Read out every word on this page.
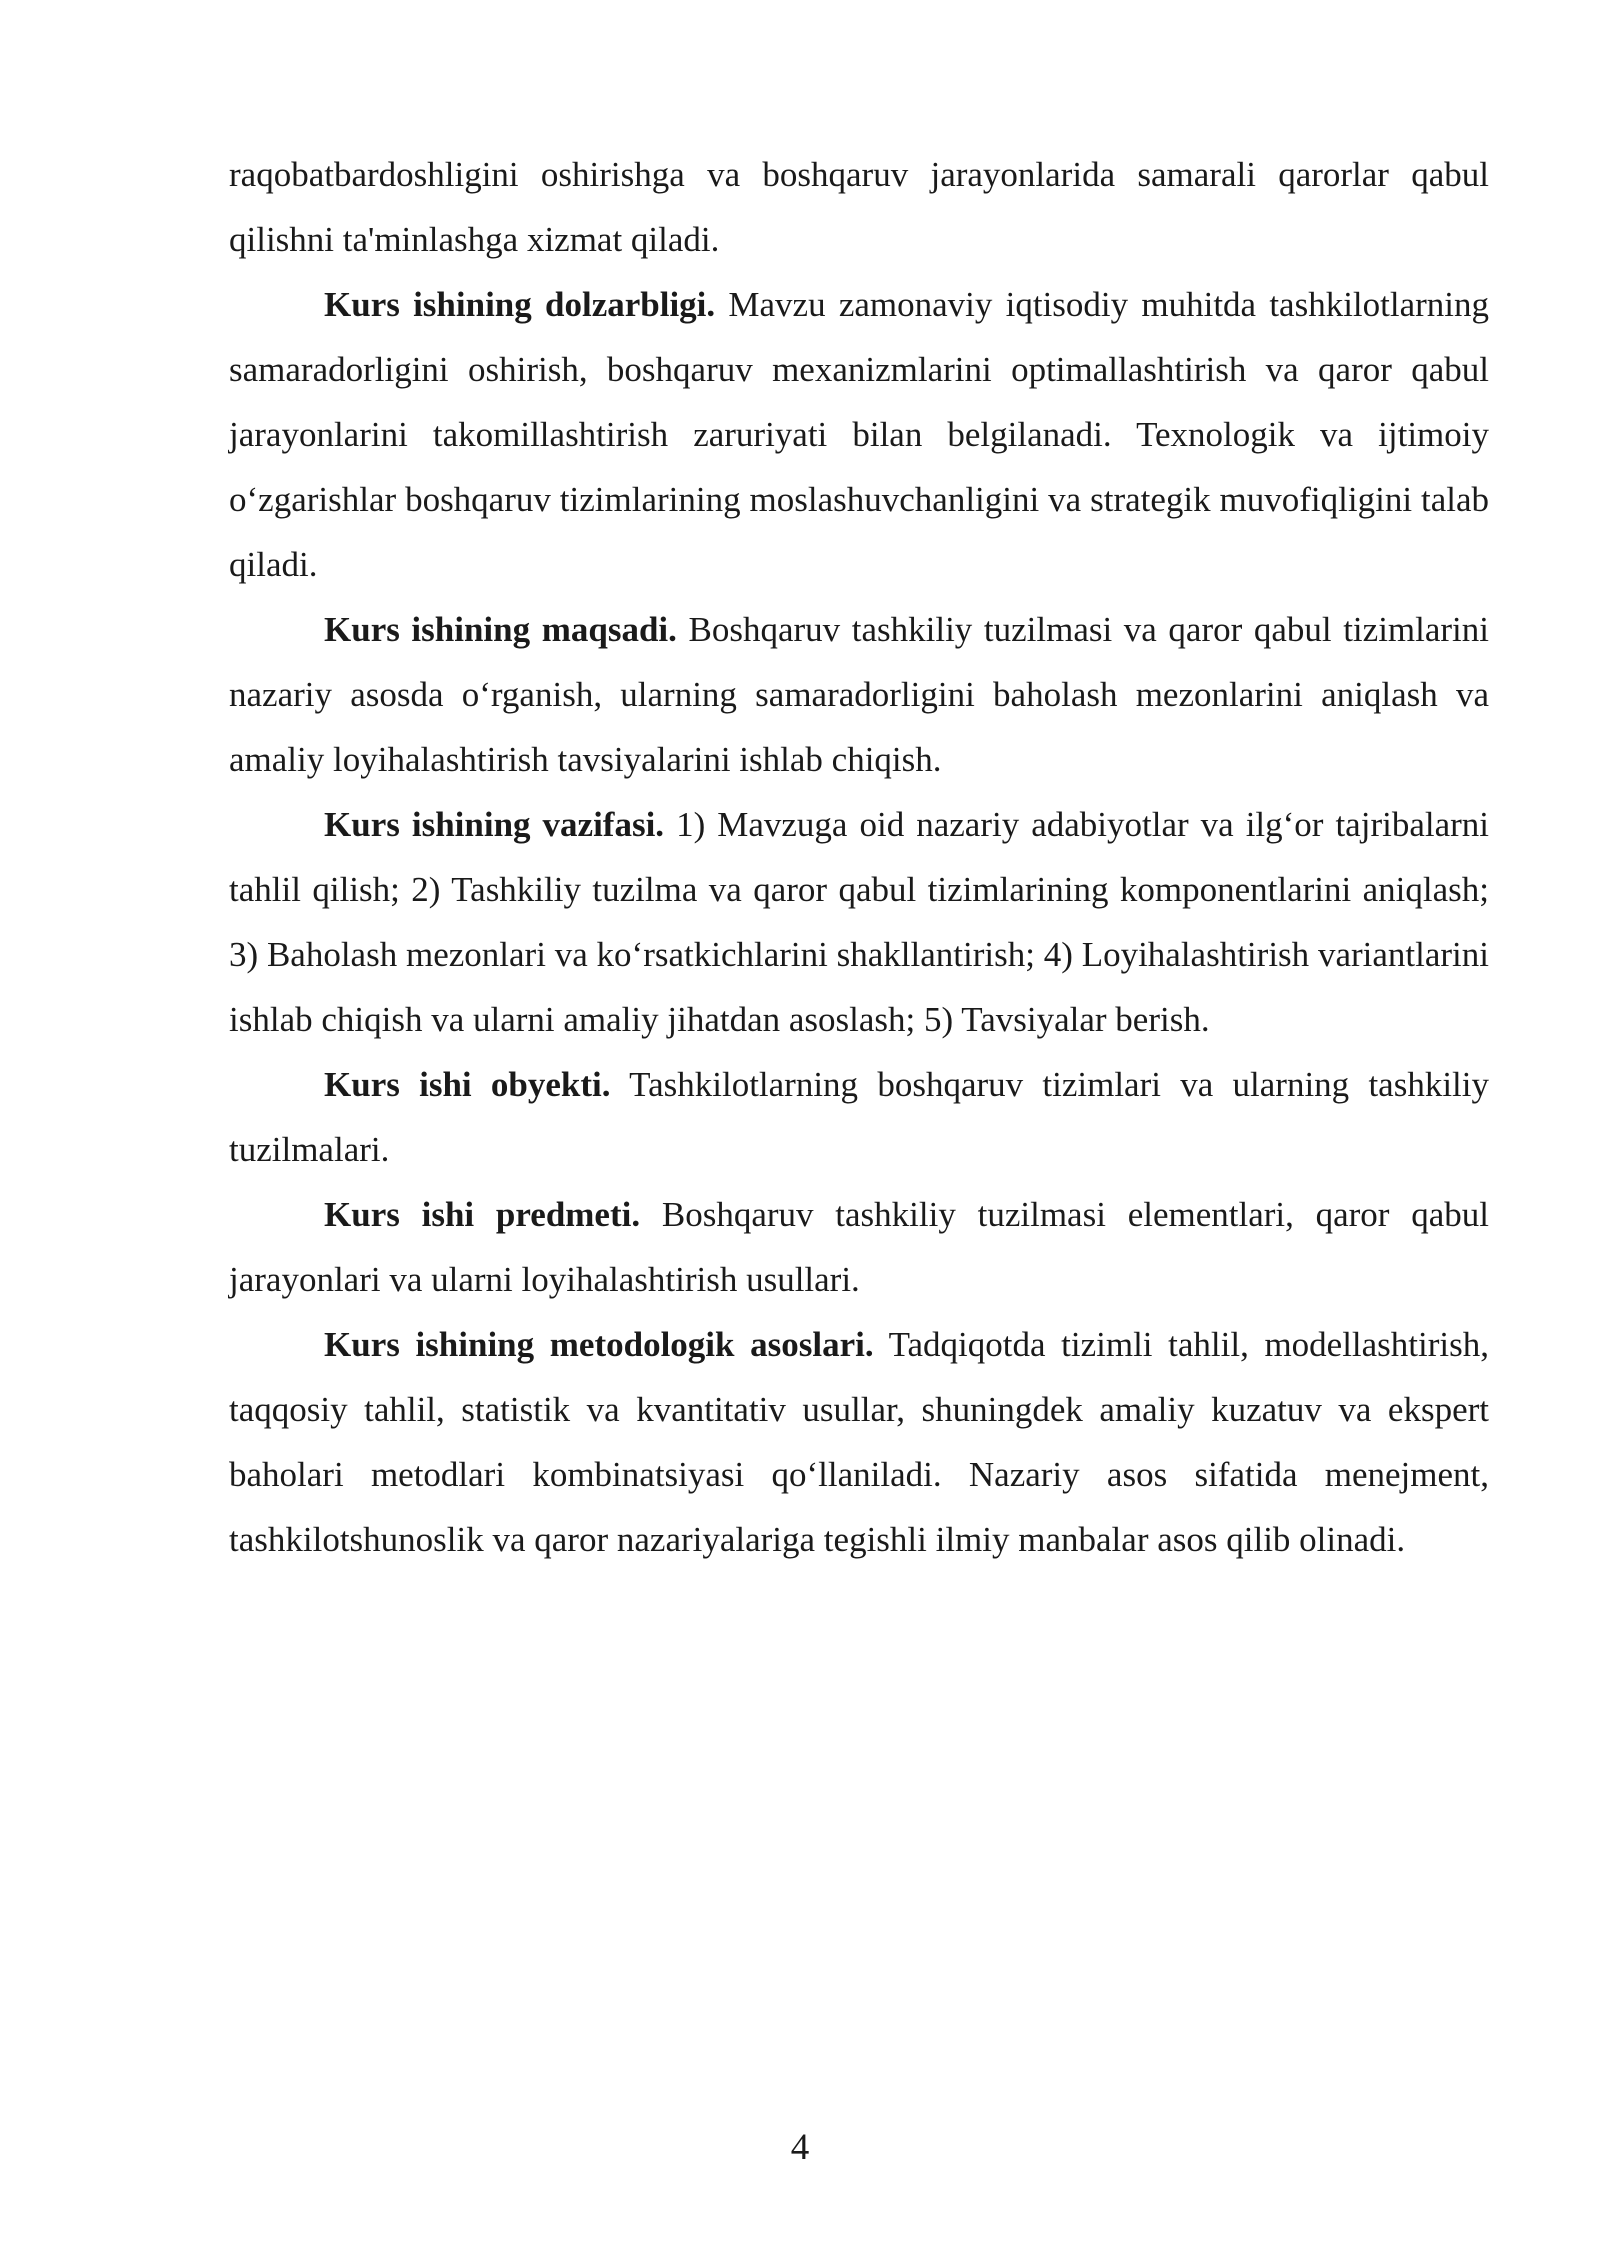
raqobatbardoshligini oshirishga va boshqaruv jarayonlarida samarali qarorlar qabul qilishni ta'minlashga xizmat qiladi.

Kurs ishining dolzarbligi. Mavzu zamonaviy iqtisodiy muhitda tashkilotlarning samaradorligini oshirish, boshqaruv mexanizmlarini optimallashtirish va qaror qabul jarayonlarini takomillashtirish zaruriyati bilan belgilanadi. Texnologik va ijtimoiy o‘zgarishlar boshqaruv tizimlarining moslashuvchanligini va strategik muvofiqligini talab qiladi.

Kurs ishining maqsadi. Boshqaruv tashkiliy tuzilmasi va qaror qabul tizimlarini nazariy asosda o‘rganish, ularning samaradorligini baholash mezonlarini aniqlash va amaliy loyihalashtirish tavsiyalarini ishlab chiqish.

Kurs ishining vazifasi. 1) Mavzuga oid nazariy adabiyotlar va ilg‘or tajribalarni tahlil qilish; 2) Tashkiliy tuzilma va qaror qabul tizimlarining komponentlarini aniqlash; 3) Baholash mezonlari va ko‘rsatkichlarini shakllantirish; 4) Loyihalashtirish variantlarini ishlab chiqish va ularni amaliy jihatdan asoslash; 5) Tavsiyalar berish.

Kurs ishi obyekti. Tashkilotlarning boshqaruv tizimlari va ularning tashkiliy tuzilmalari.

Kurs ishi predmeti. Boshqaruv tashkiliy tuzilmasi elementlari, qaror qabul jarayonlari va ularni loyihalashtirish usullari.

Kurs ishining metodologik asoslari. Tadqiqotda tizimli tahlil, modellashtirish, taqqosiy tahlil, statistik va kvantitativ usullar, shuningdek amaliy kuzatuv va ekspert baholari metodlari kombinatsiyasi qo‘llaniladi. Nazariy asos sifatida menejment, tashkilotshunoslik va qaror nazariyalariga tegishli ilmiy manbalar asos qilib olinadi.

4
